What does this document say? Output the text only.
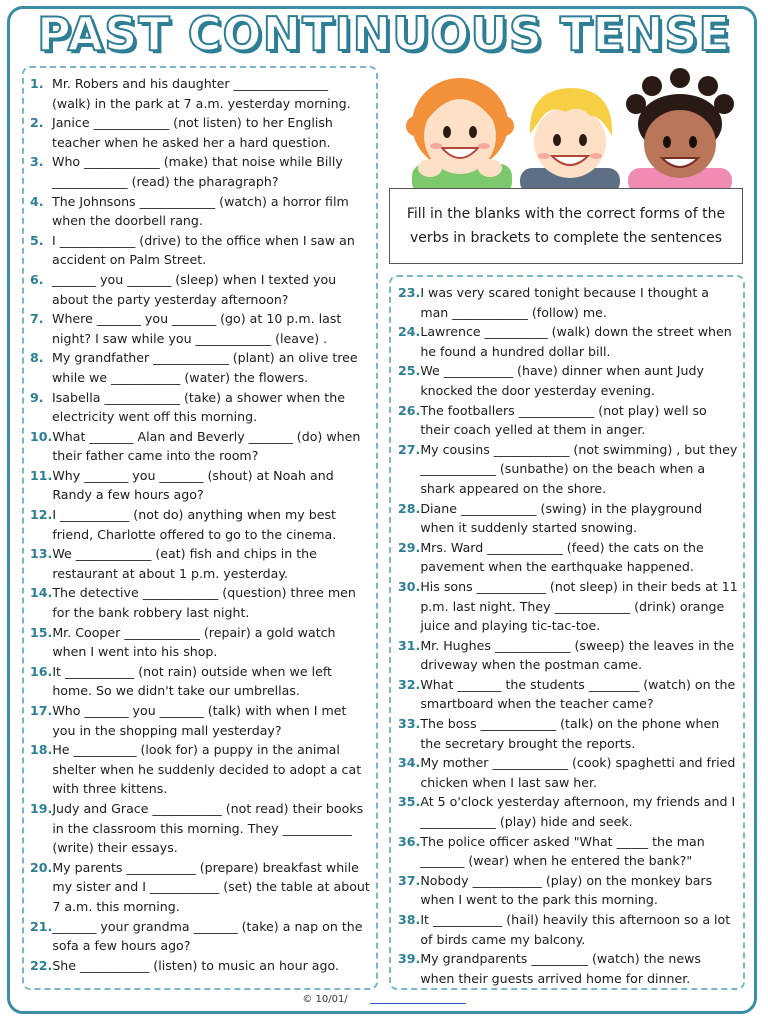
PAST CONTINUOUS TENSE
1. Mr. Robers and his daughter _______________ (walk) in the park at 7 a.m. yesterday morning.
2. Janice ____________ (not listen) to her English teacher when he asked her a hard question.
3. Who ____________ (make) that noise while Billy ____________ (read) the pharagraph?
4. The Johnsons ____________ (watch) a horror film when the doorbell rang.
5. I ____________ (drive) to the office when I saw an accident on Palm Street.
6. _______ you _______ (sleep) when I texted you about the party yesterday afternoon?
7. Where _______ you _______ (go) at 10 p.m. last night? I saw while you ____________ (leave) .
8. My grandfather ____________ (plant) an olive tree while we ___________ (water) the flowers.
9. Isabella ____________ (take) a shower when the electricity went off this morning.
10. What _______ Alan and Beverly _______ (do) when their father came into the room?
11. Why _______ you _______ (shout) at Noah and Randy a few hours ago?
12. I ___________ (not do) anything when my best friend, Charlotte offered to go to the cinema.
13. We ____________ (eat) fish and chips in the restaurant at about 1 p.m. yesterday.
14. The detective ____________ (question) three men for the bank robbery last night.
15. Mr. Cooper ____________ (repair) a gold watch when I went into his shop.
16. It ___________ (not rain) outside when we left home. So we didn't take our umbrellas.
17. Who _______ you _______ (talk) with when I met you in the shopping mall yesterday?
18. He __________ (look for) a puppy in the animal shelter when he suddenly decided to adopt a cat with three kittens.
19. Judy and Grace ___________ (not read) their books in the classroom this morning. They ___________ (write) their essays.
20. My parents ___________ (prepare) breakfast while my sister and I ___________ (set) the table at about 7 a.m. this morning.
21. _______ your grandma _______ (take) a nap on the sofa a few hours ago?
22. She ___________ (listen) to music an hour ago.
23. I was very scared tonight because I thought a man ____________ (follow) me.
24. Lawrence __________ (walk) down the street when he found a hundred dollar bill.
25. We ___________ (have) dinner when aunt Judy knocked the door yesterday evening.
26. The footballers ____________ (not play) well so their coach yelled at them in anger.
27. My cousins ____________ (not swimming) , but they ____________ (sunbathe) on the beach when a shark appeared on the shore.
28. Diane ____________ (swing) in the playground when it suddenly started snowing.
29. Mrs. Ward ____________ (feed) the cats on the pavement when the earthquake happened.
30. His sons ___________ (not sleep) in their beds at 11 p.m. last night. They ____________ (drink) orange juice and playing tic-tac-toe.
31. Mr. Hughes ____________ (sweep) the leaves in the driveway when the postman came.
32. What _______ the students ________ (watch) on the smartboard when the teacher came?
33. The boss ____________ (talk) on the phone when the secretary brought the reports.
34. My mother ____________ (cook) spaghetti and fried chicken when I last saw her.
35. At 5 o'clock yesterday afternoon, my friends and I ____________ (play) hide and seek.
36. The police officer asked "What _____ the man _______ (wear) when he entered the bank?"
37. Nobody ___________ (play) on the monkey bars when I went to the park this morning.
38. It ___________ (hail) heavily this afternoon so a lot of birds came my balcony.
39. My grandparents _________ (watch) the news when their guests arrived home for dinner.
Fill in the blanks with the correct forms of the verbs in brackets to complete the sentences
© 10/01/
